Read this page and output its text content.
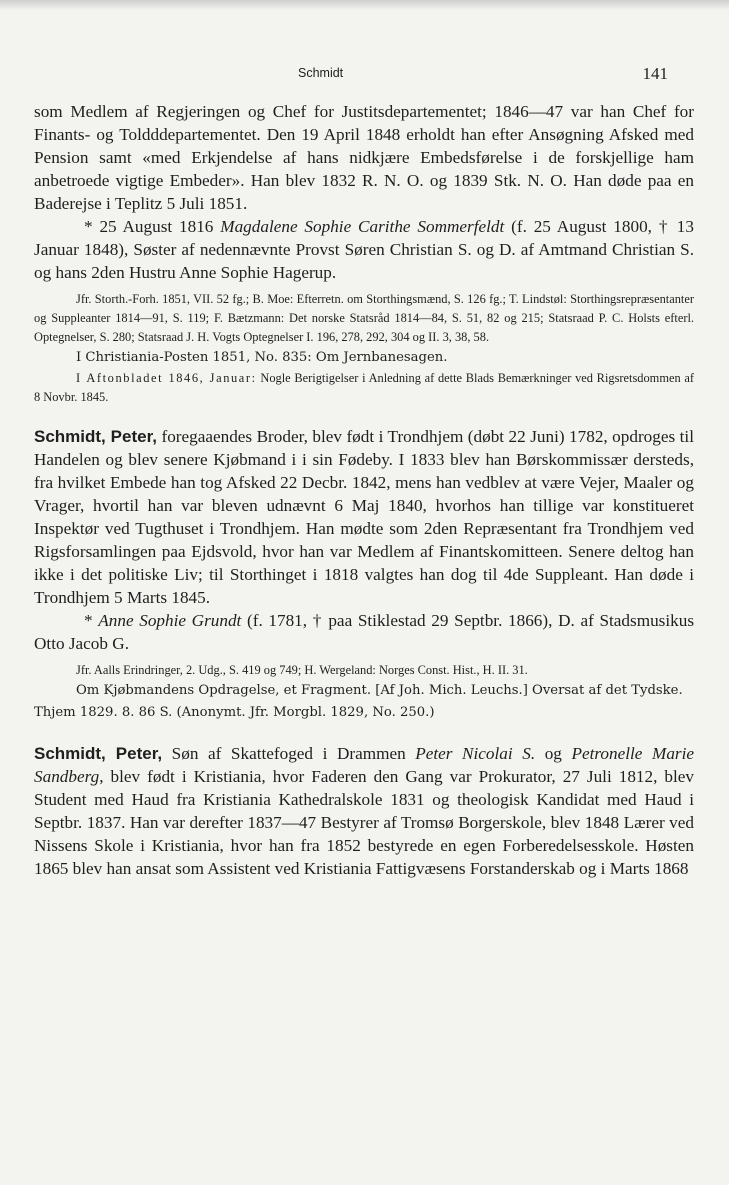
Schmidt	141

som Medlem af Regjeringen og Chef for Justitsdepartementet; 1846—47 var han Chef for Finants- og Toldddepartementet. Den 19 April 1848 erholdt han efter Ansøgning Afsked med Pension samt «med Erkjendelse af hans nidkjære Embedsførelse i de forskjellige ham anbetroede vigtige Embeder». Han blev 1832 R. N. O. og 1839 Stk. N. O. Han døde paa en Baderejse i Teplitz 5 Juli 1851.

* 25 August 1816 Magdalene Sophie Carithe Sommerfeldt (f. 25 August 1800, † 13 Januar 1848), Søster af nedennævnte Provst Søren Christian S. og D. af Amtmand Christian S. og hans 2den Hustru Anne Sophie Hagerup.

Jfr. Storth.-Forh. 1851, VII. 52 fg.; B. Moe: Efterretn. om Storthingsmænd, S. 126 fg.; T. Lindstøl: Storthingsrepræsentanter og Suppleanter 1814—91, S. 119; F. Bætzmann: Det norske Statsråd 1814—84, S. 51, 82 og 215; Statsraad P. C. Holsts efterl. Optegnelser, S. 280; Statsraad J. H. Vogts Optegnelser I. 196, 278, 292, 304 og II. 3, 38, 58.

I Christiania-Posten 1851, No. 835: Om Jernbanesagen.

I Aftonbladet 1846, Januar: Nogle Berigtigelser i Anledning af dette Blads Bemærkninger ved Rigsretsdommen af 8 Novbr. 1845.

Schmidt, Peter, foregaaendes Broder, blev født i Trondhjem (døbt 22 Juni) 1782, opdroges til Handelen og blev senere Kjøbmand i i sin Fødeby. I 1833 blev han Børskommissær dersteds, fra hvilket Embede han tog Afsked 22 Decbr. 1842, mens han vedblev at være Vejer, Maaler og Vrager, hvortil han var bleven udnævnt 6 Maj 1840, hvorhos han tillige var konstitueret Inspektør ved Tugthuset i Trondhjem. Han mødte som 2den Repræsentant fra Trondhjem ved Rigsforsamlingen paa Ejdsvold, hvor han var Medlem af Finantskomitteen. Senere deltog han ikke i det politiske Liv; til Storthinget i 1818 valgtes han dog til 4de Suppleant. Han døde i Trondhjem 5 Marts 1845.

* Anne Sophie Grundt (f. 1781, † paa Stiklestad 29 Septbr. 1866), D. af Stadsmusikus Otto Jacob G.

Jfr. Aalls Erindringer, 2. Udg., S. 419 og 749; H. Wergeland: Norges Const. Hist., H. II. 31.

Om Kjøbmandens Opdragelse, et Fragment. [Af Joh. Mich. Leuchs.] Oversat af det Tydske. Thjem 1829. 8. 86 S. (Anonymt. Jfr. Morgbl. 1829, No. 250.)

Schmidt, Peter, Søn af Skattefoged i Drammen Peter Nicolai S. og Petronelle Marie Sandberg, blev født i Kristiania, hvor Faderen den Gang var Prokurator, 27 Juli 1812, blev Student med Haud fra Kristiania Kathedralskole 1831 og theologisk Kandidat med Haud i Septbr. 1837. Han var derefter 1837—47 Bestyrer af Tromsø Borgerskole, blev 1848 Lærer ved Nissens Skole i Kristiania, hvor han fra 1852 bestyrede en egen Forberedelsesskole. Høsten 1865 blev han ansat som Assistent ved Kristiania Fattigvæsens Forstanderskab og i Marts 1868
